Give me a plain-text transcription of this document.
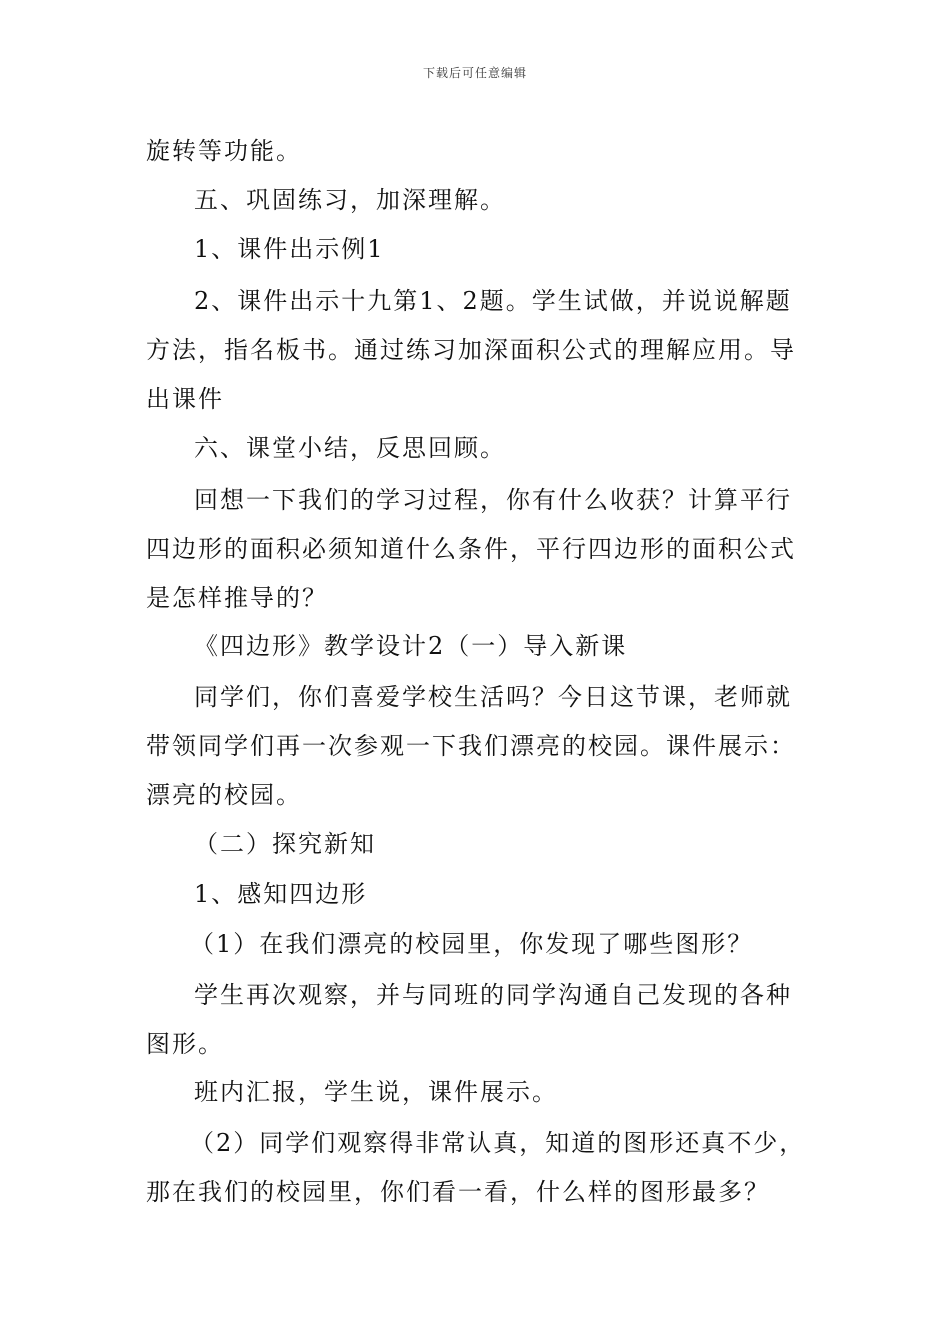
下载后可任意编辑

旋转等功能。

五、巩固练习，加深理解。

1、课件出示例1

2、课件出示十九第1、2题。学生试做，并说说解题方法，指名板书。通过练习加深面积公式的理解应用。导出课件

六、课堂小结，反思回顾。

回想一下我们的学习过程，你有什么收获？计算平行四边形的面积必须知道什么条件，平行四边形的面积公式是怎样推导的？

《四边形》教学设计2（一）导入新课

同学们，你们喜爱学校生活吗？今日这节课，老师就带领同学们再一次参观一下我们漂亮的校园。课件展示：漂亮的校园。

（二）探究新知

1、感知四边形

（1）在我们漂亮的校园里，你发现了哪些图形？

学生再次观察，并与同班的同学沟通自己发现的各种图形。

班内汇报，学生说，课件展示。

（2）同学们观察得非常认真，知道的图形还真不少，那在我们的校园里，你们看一看，什么样的图形最多？
